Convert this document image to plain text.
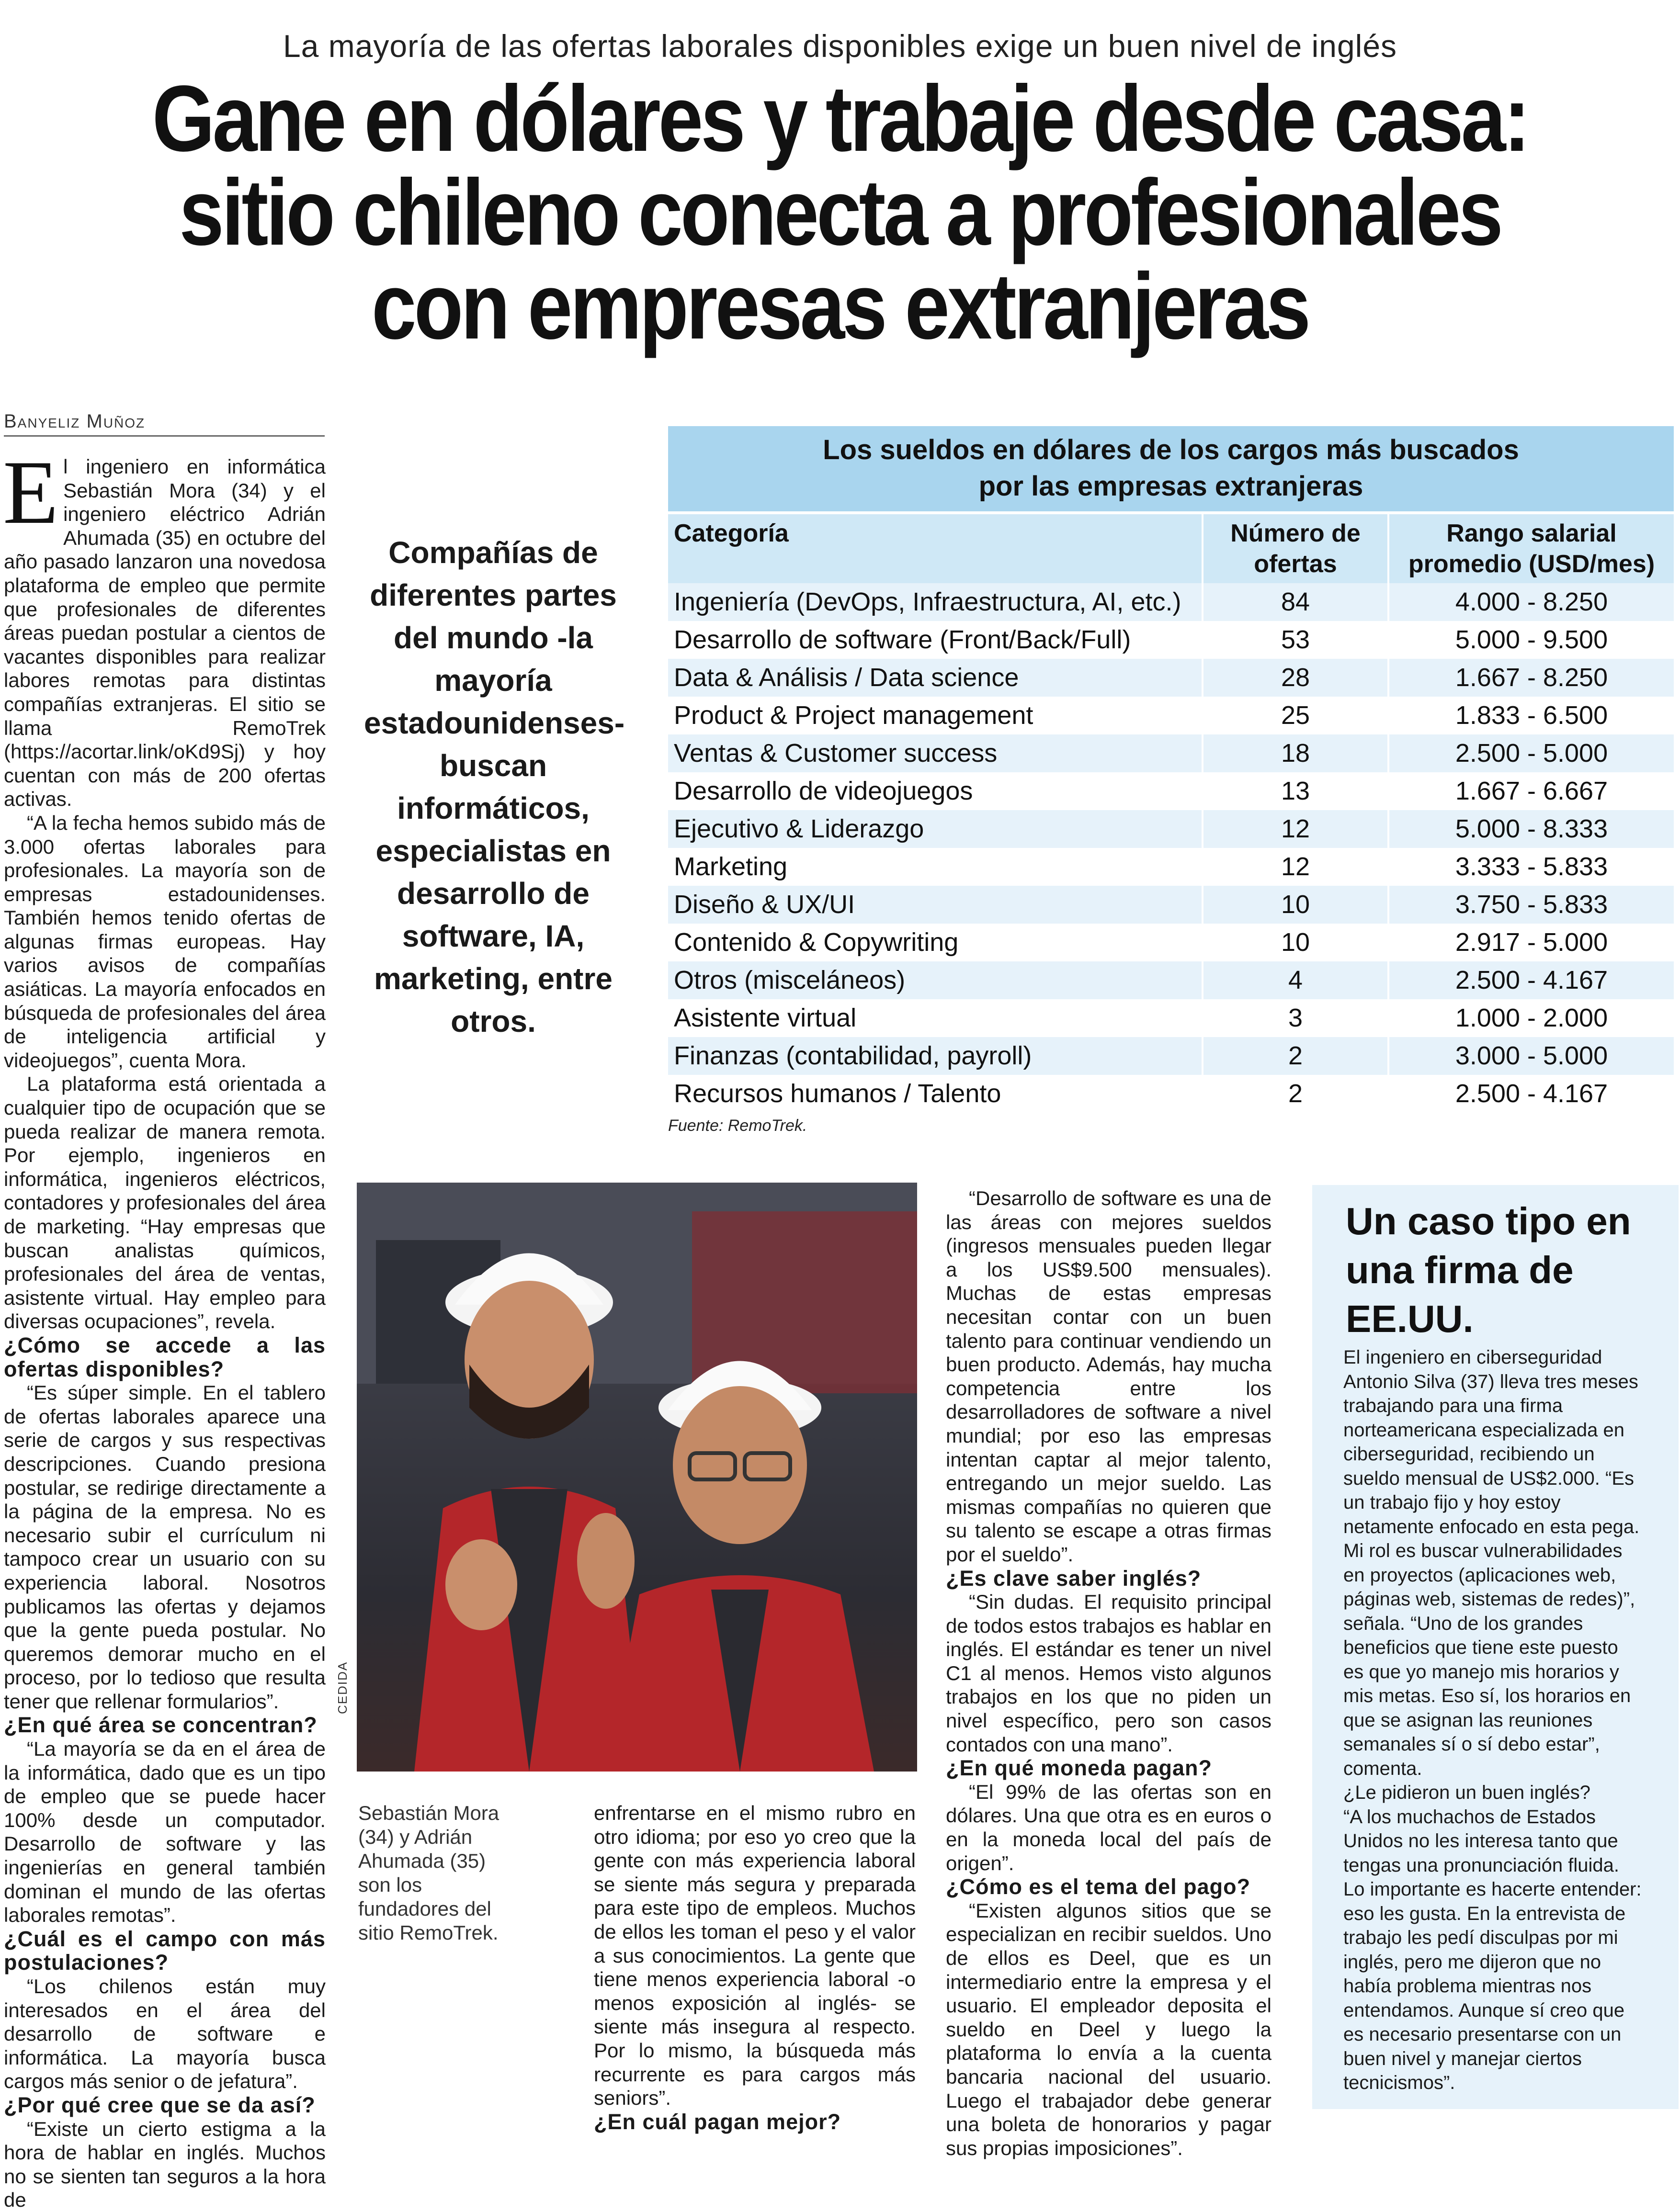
La mayoría de las ofertas laborales disponibles exige un buen nivel de inglés
Gane en dólares y trabaje desde casa:
sitio chileno conecta a profesionales
con empresas extranjeras
Banyeliz Muñoz
E l ingeniero en informática Sebastián Mora (34) y el ingeniero eléctrico Adrián Ahumada (35) en octubre del año pasado lanzaron una novedosa plataforma de empleo que permite que profesionales de diferentes áreas puedan postular a cientos de vacantes disponibles para realizar labores remotas para distintas compañías extranjeras. El sitio se llama RemoTrek (https://acortar.link/oKd9Sj) y hoy cuentan con más de 200 ofertas activas.

“A la fecha hemos subido más de 3.000 ofertas laborales para profesionales. La mayoría son de empresas estadounidenses. También hemos tenido ofertas de algunas firmas europeas. Hay varios avisos de compañías asiáticas. La mayoría enfocados en búsqueda de profesionales del área de inteligencia artificial y videojuegos”, cuenta Mora.

La plataforma está orientada a cualquier tipo de ocupación que se pueda realizar de manera remota. Por ejemplo, ingenieros en informática, ingenieros eléctricos, contadores y profesionales del área de marketing. “Hay empresas que buscan analistas químicos, profesionales del área de ventas, asistente virtual. Hay empleo para diversas ocupaciones”, revela.

¿Cómo se accede a las ofertas disponibles?

“Es súper simple. En el tablero de ofertas laborales aparece una serie de cargos y sus respectivas descripciones. Cuando presiona postular, se redirige directamente a la página de la empresa. No es necesario subir el currículum ni tampoco crear un usuario con su experiencia laboral. Nosotros publicamos las ofertas y dejamos que la gente pueda postular. No queremos demorar mucho en el proceso, por lo tedioso que resulta tener que rellenar formularios”.

¿En qué área se concentran?

“La mayoría se da en el área de la informática, dado que es un tipo de empleo que se puede hacer 100% desde un computador. Desarrollo de software y las ingenierías en general también dominan el mundo de las ofertas laborales remotas”.

¿Cuál es el campo con más postulaciones?

“Los chilenos están muy interesados en el área del desarrollo de software e informática. La mayoría busca cargos más senior o de jefatura”.

¿Por qué cree que se da así?

“Existe un cierto estigma a la hora de hablar en inglés. Muchos no se sienten tan seguros a la hora de

Compañías de diferentes partes del mundo -la mayoría estadounidenses- buscan informáticos, especialistas en desarrollo de software, IA, marketing, entre otros.
Los sueldos en dólares de los cargos más buscados
por las empresas extranjeras
Categoría	Número de ofertas	Rango salarial promedio (USD/mes)
Ingeniería (DevOps, Infraestructura, AI, etc.)	84	4.000 - 8.250
Desarrollo de software (Front/Back/Full)	53	5.000 - 9.500
Data & Análisis / Data science	28	1.667 - 8.250
Product & Project management	25	1.833 - 6.500
Ventas & Customer success	18	2.500 - 5.000
Desarrollo de videojuegos	13	1.667 - 6.667
Ejecutivo & Liderazgo	12	5.000 - 8.333
Marketing	12	3.333 - 5.833
Diseño & UX/UI	10	3.750 - 5.833
Contenido & Copywriting	10	2.917 - 5.000
Otros (misceláneos)	4	2.500 - 4.167
Asistente virtual	3	1.000 - 2.000
Finanzas (contabilidad, payroll)	2	3.000 - 5.000
Recursos humanos / Talento	2	2.500 - 4.167
Fuente: RemoTrek.
CEDIDA
Sebastián Mora (34) y Adrián Ahumada (35) son los fundadores del sitio RemoTrek.

enfrentarse en el mismo rubro en otro idioma; por eso yo creo que la gente con más experiencia laboral se siente más segura y preparada para este tipo de empleos. Muchos de ellos les toman el peso y el valor a sus conocimientos. La gente que tiene menos experiencia laboral -o menos exposición al inglés- se siente más insegura al respecto. Por lo mismo, la búsqueda más recurrente es para cargos más seniors”.

¿En cuál pagan mejor?

“Desarrollo de software es una de las áreas con mejores sueldos (ingresos mensuales pueden llegar a los US$9.500 mensuales). Muchas de estas empresas necesitan contar con un buen talento para continuar vendiendo un buen producto. Además, hay mucha competencia entre los desarrolladores de software a nivel mundial; por eso las empresas intentan captar al mejor talento, entregando un mejor sueldo. Las mismas compañías no quieren que su talento se escape a otras firmas por el sueldo”.

¿Es clave saber inglés?

“Sin dudas. El requisito principal de todos estos trabajos es hablar en inglés. El estándar es tener un nivel C1 al menos. Hemos visto algunos trabajos en los que no piden un nivel específico, pero son casos contados con una mano”.

¿En qué moneda pagan?

“El 99% de las ofertas son en dólares. Una que otra es en euros o en la moneda local del país de origen”.

¿Cómo es el tema del pago?

“Existen algunos sitios que se especializan en recibir sueldos. Uno de ellos es Deel, que es un intermediario entre la empresa y el usuario. El empleador deposita el sueldo en Deel y luego la plataforma lo envía a la cuenta bancaria nacional del usuario. Luego el trabajador debe generar una boleta de honorarios y pagar sus propias imposiciones”.

Un caso tipo en una firma de EE.UU.

El ingeniero en ciberseguridad Antonio Silva (37) lleva tres meses trabajando para una firma norteamericana especializada en ciberseguridad, recibiendo un sueldo mensual de US$2.000. “Es un trabajo fijo y hoy estoy netamente enfocado en esta pega. Mi rol es buscar vulnerabilidades en proyectos (aplicaciones web, páginas web, sistemas de redes)”, señala. “Uno de los grandes beneficios que tiene este puesto es que yo manejo mis horarios y mis metas. Eso sí, los horarios en que se asignan las reuniones semanales sí o sí debo estar”, comenta.

¿Le pidieron un buen inglés?

“A los muchachos de Estados Unidos no les interesa tanto que tengas una pronunciación fluida. Lo importante es hacerte entender: eso les gusta. En la entrevista de trabajo les pedí disculpas por mi inglés, pero me dijeron que no había problema mientras nos entendamos. Aunque sí creo que es necesario presentarse con un buen nivel y manejar ciertos tecnicismos”.
